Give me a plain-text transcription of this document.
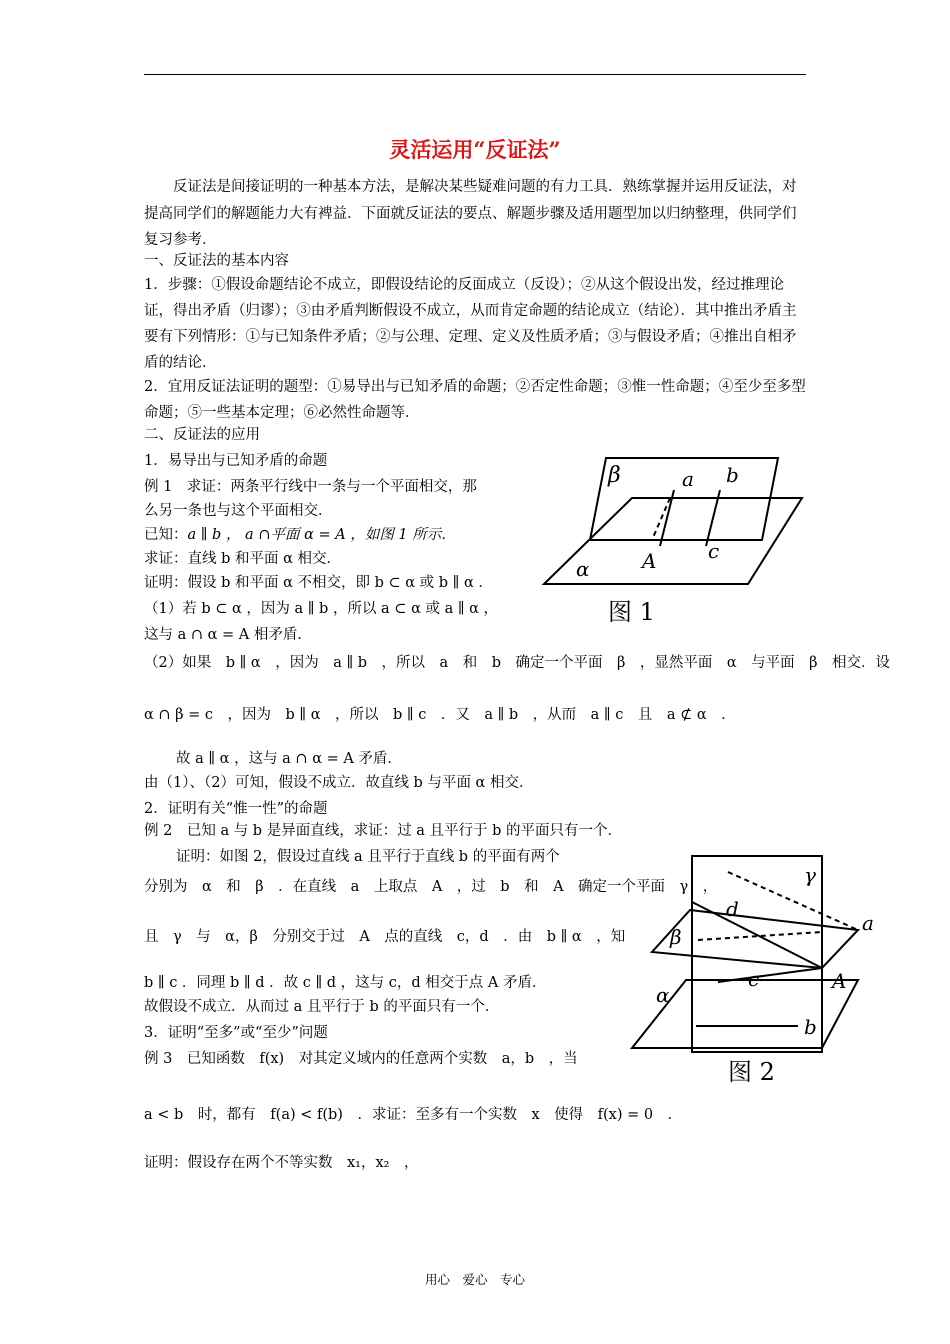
灵活运用“反证法”
反证法是间接证明的一种基本方法，是解决某些疑难问题的有力工具．熟练掌握并运用反证法，对提高同学们的解题能力大有裨益．下面就反证法的要点、解题步骤及适用题型加以归纳整理，供同学们复习参考．
一、反证法的基本内容
1．步骤：①假设命题结论不成立，即假设结论的反面成立（反设）；②从这个假设出发，经过推理论证，得出矛盾（归谬）；③由矛盾判断假设不成立，从而肯定命题的结论成立（结论）．其中推出矛盾主要有下列情形：①与已知条件矛盾；②与公理、定理、定义及性质矛盾；③与假设矛盾；④推出自相矛盾的结论．
2．宜用反证法证明的题型：①易导出与已知矛盾的命题；②否定性命题；③惟一性命题；④至少至多型命题；⑤一些基本定理；⑥必然性命题等．
二、反证法的应用
1．易导出与已知矛盾的命题
例 1　求证：两条平行线中一条与一个平面相交，那
么另一条也与这个平面相交．
已知：a ∥ b ， a ∩平面 α = A ，如图 1 所示．
求证：直线 b 和平面 α 相交．
证明：假设 b 和平面 α 不相交，即 b ⊂ α 或 b ∥ α ．
（1）若 b ⊂ α ，因为 a ∥ b ，所以 a ⊂ α 或 a ∥ α ，
这与 a ∩ α = A 相矛盾．
（2）如果　b ∥ α　，因为　a ∥ b　，所以　a　和　b　确定一个平面　β　，显然平面　α　与平面　β　相交．设
α ∩ β = c　，因为　b ∥ α　，所以　b ∥ c　．又　a ∥ b　，从而　a ∥ c　且　a ⊄ α　．
故 a ∥ α ，这与 a ∩ α = A 矛盾．
由（1）、（2）可知，假设不成立．故直线 b 与平面 α 相交．
2．证明有关“惟一性”的命题
例 2　已知 a 与 b 是异面直线，求证：过 a 且平行于 b 的平面只有一个．
证明：如图 2，假设过直线 a 且平行于直线 b 的平面有两个
分别为　α　和　β　．在直线　a　上取点　A　，过　b　和　A　确定一个平面　γ　，
且　γ　与　α，β　分别交于过　A　点的直线　c，d　．由　b ∥ α　，知
b ∥ c ．同理 b ∥ d ．故 c ∥ d ，这与 c，d 相交于点 A 矛盾．
故假设不成立．从而过 a 且平行于 b 的平面只有一个．
3．证明“至多”或“至少”问题
例 3　已知函数　f(x)　对其定义域内的任意两个实数　a，b　，当
a < b　时，都有　f(a) < f(b)　．求证：至多有一个实数　x　使得　f(x) = 0　．
证明：假设存在两个不等实数　x₁，x₂　，
β	a b
A	c
α
图 1
γ
d
a
β
A
c
α
b
图 2
用心　爱心　专心
